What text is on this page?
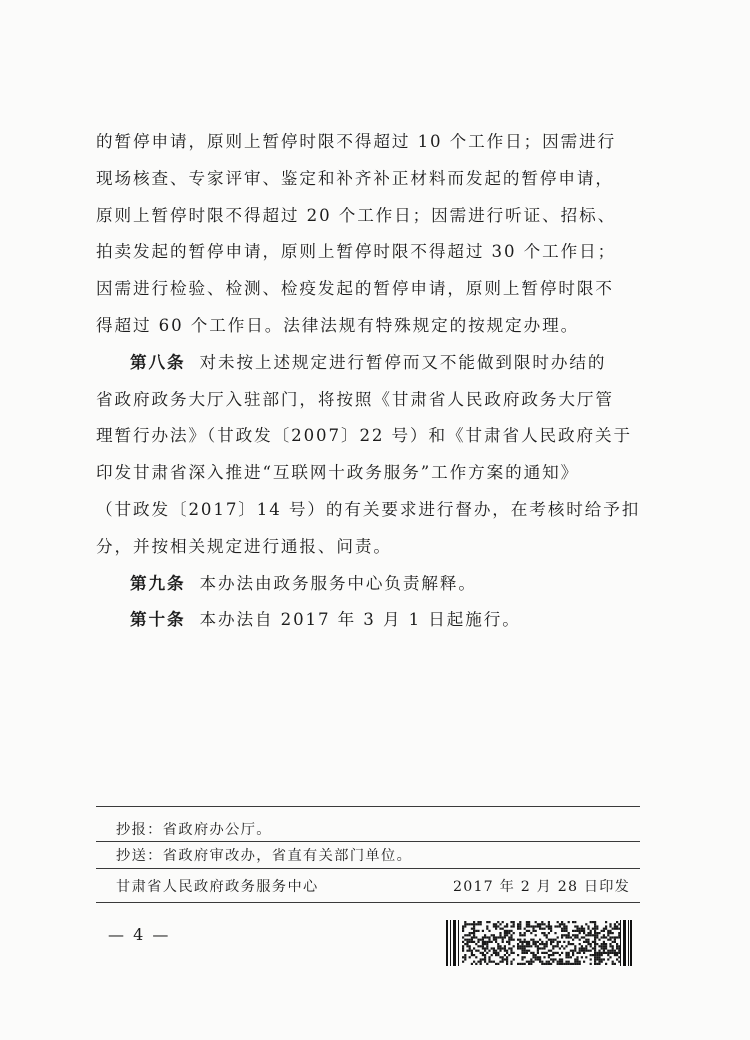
的暂停申请，原则上暂停时限不得超过 10 个工作日；因需进行
现场核查、专家评审、鉴定和补齐补正材料而发起的暂停申请，
原则上暂停时限不得超过 20 个工作日；因需进行听证、招标、
拍卖发起的暂停申请，原则上暂停时限不得超过 30 个工作日；
因需进行检验、检测、检疫发起的暂停申请，原则上暂停时限不
得超过 60 个工作日。法律法规有特殊规定的按规定办理。
第八条 对未按上述规定进行暂停而又不能做到限时办结的
省政府政务大厅入驻部门，将按照《甘肃省人民政府政务大厅管
理暂行办法》（甘政发〔2007〕22 号）和《甘肃省人民政府关于
印发甘肃省深入推进“互联网十政务服务”工作方案的通知》
（甘政发〔2017〕14 号）的有关要求进行督办，在考核时给予扣
分，并按相关规定进行通报、问责。
第九条 本办法由政务服务中心负责解释。
第十条 本办法自 2017 年 3 月 1 日起施行。
抄报：省政府办公厅。
抄送：省政府审改办，省直有关部门单位。
甘肃省人民政府政务服务中心	2017 年 2 月 28 日印发
— 4 —
